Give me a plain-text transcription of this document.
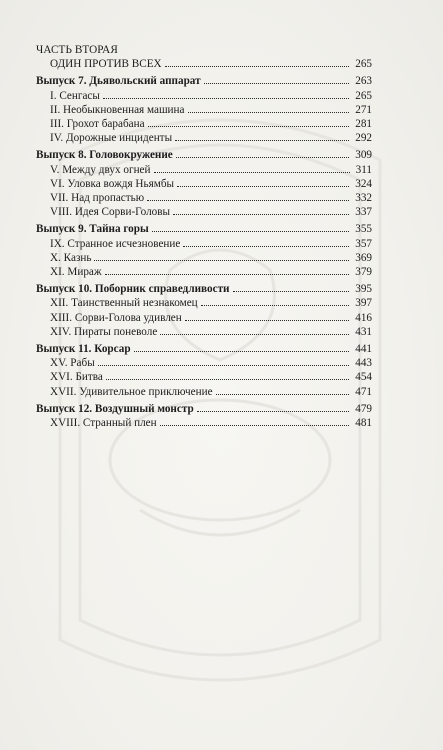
ЧАСТЬ ВТОРАЯ
ОДИН ПРОТИВ ВСЕХ	265
Выпуск 7. Дьявольский аппарат	263
I. Сенгасы	265
II. Необыкновенная машина	271
III. Грохот барабана	281
IV. Дорожные инциденты	292
Выпуск 8. Головокружение	309
V. Между двух огней	311
VI. Уловка вождя Ньямбы	324
VII. Над пропастью	332
VIII. Идея Сорви-Головы	337
Выпуск 9. Тайна горы	355
IX. Странное исчезновение	357
X. Казнь	369
XI. Мираж	379
Выпуск 10. Поборник справедливости	395
XII. Таинственный незнакомец	397
XIII. Сорви-Голова удивлен	416
XIV. Пираты поневоле	431
Выпуск 11. Корсар	441
XV. Рабы	443
XVI. Битва	454
XVII. Удивительное приключение	471
Выпуск 12. Воздушный монстр	479
XVIII. Странный плен	481
